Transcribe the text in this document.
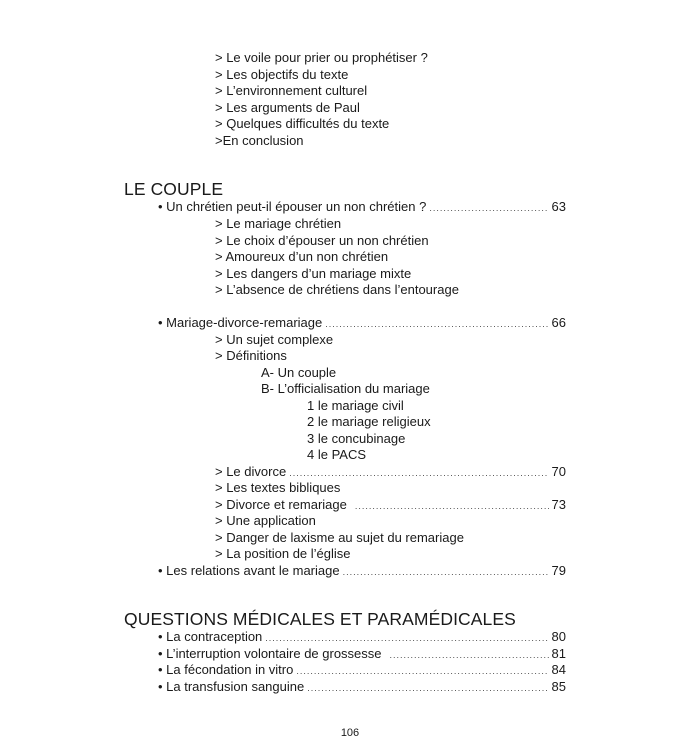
> Le voile pour prier ou prophétiser ?
> Les objectifs du texte
> L’environnement culturel
> Les arguments de Paul
> Quelques difficultés du texte
>En conclusion
LE COUPLE
• Un chrétien peut-il épouser un non chrétien ? .....	63
> Le mariage chrétien
> Le choix d’épouser un non chrétien
> Amoureux d’un non chrétien
> Les dangers d’un mariage mixte
> L’absence de chrétiens dans l’entourage
• Mariage-divorce-remariage .....	66
> Un sujet complexe
> Définitions
A- Un couple
B- L’officialisation du mariage
1 le mariage civil
2 le mariage religieux
3 le concubinage
4 le PACS
> Le divorce .....	70
> Les textes bibliques
> Divorce et remariage .....	73
> Une application
> Danger de laxisme au sujet du remariage
> La position de l’église
• Les relations avant le mariage .....	79
QUESTIONS MÉDICALES ET PARAMÉDICALES
• La contraception .....	80
• L’interruption volontaire de grossesse .....	81
• La fécondation in vitro .....	84
• La transfusion sanguine .....	85
106
